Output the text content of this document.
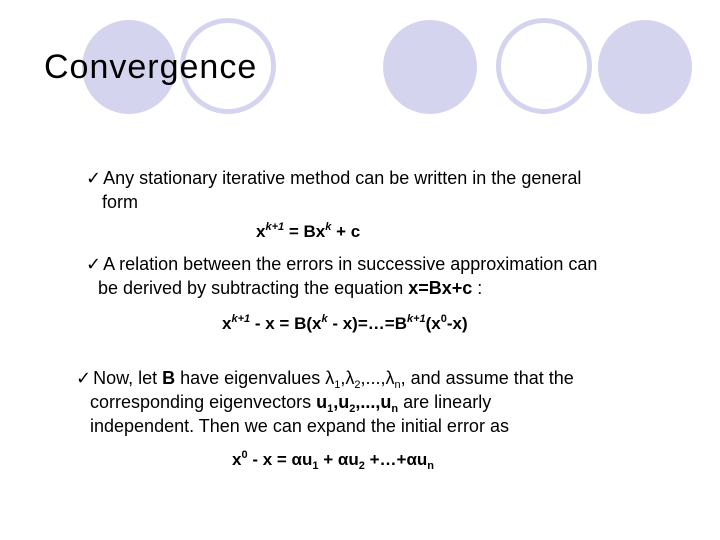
Convergence
✓ Any stationary iterative method can be written in the general
form
$x^{k+1} = Bx^k + c$
✓ A relation between the errors in successive approximation can
be derived by subtracting the equation x=Bx+c :
$x^{k+1} - x = B(x^k$ - $x)=\dots=B^{k+1}(x^0-x)$
✓ Now, let B have eigenvalues $\lambda_1,\lambda_2,...,\lambda_n$, and assume that the
corresponding eigenvectors $u_1,u_2,...,u_n$ are linearly
independent. Then we can expand the initial error as
$x^0 - x = \alpha u_1 + \alpha u_2$ $+\dots+\alpha u_n$
